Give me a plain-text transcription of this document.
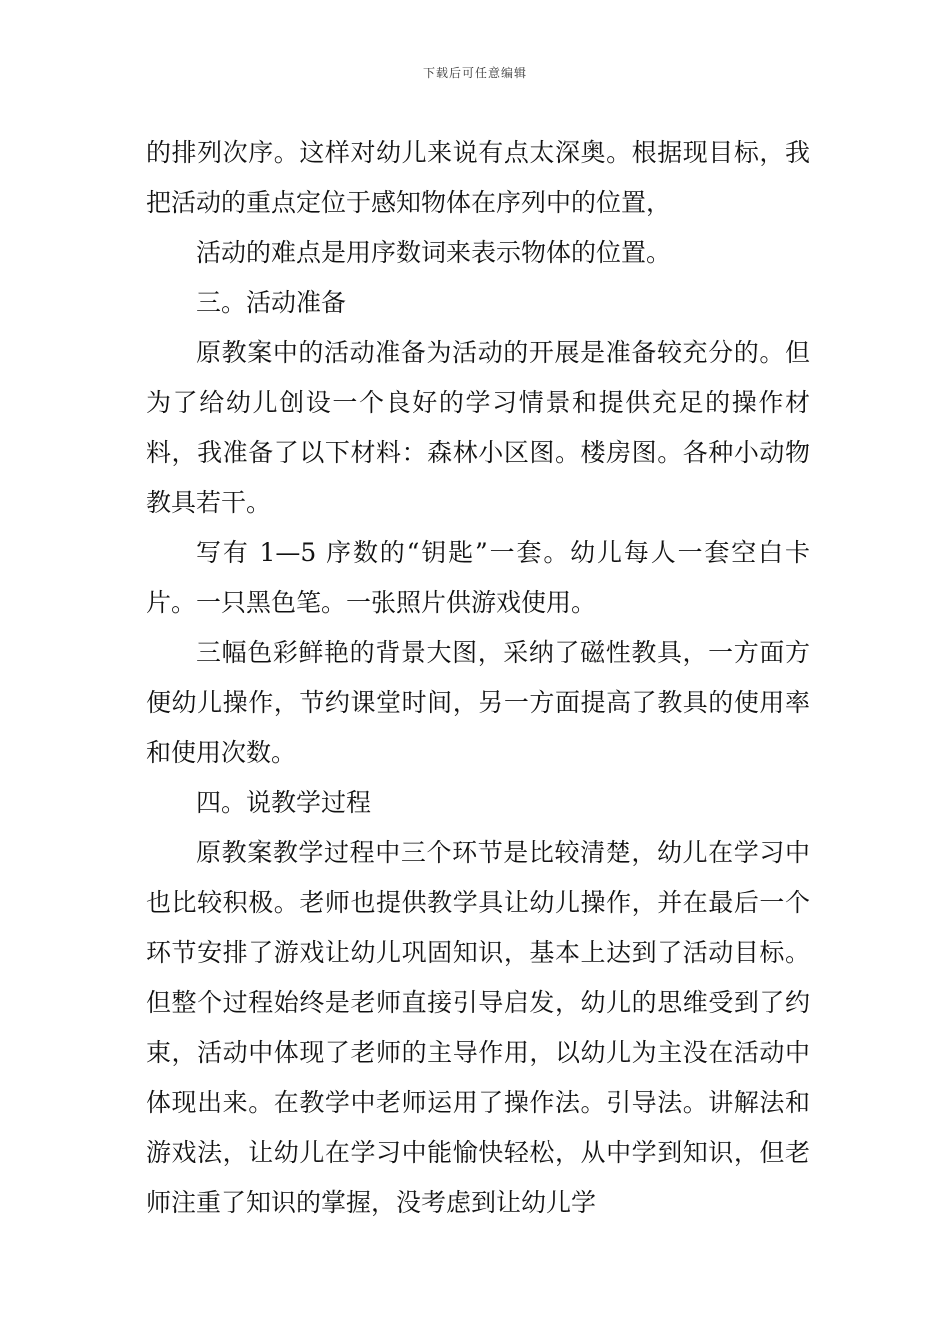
下载后可任意编辑

的排列次序。这样对幼儿来说有点太深奥。根据现目标，我把活动的重点定位于感知物体在序列中的位置，

活动的难点是用序数词来表示物体的位置。

三。活动准备

原教案中的活动准备为活动的开展是准备较充分的。但为了给幼儿创设一个良好的学习情景和提供充足的操作材料，我准备了以下材料：森林小区图。楼房图。各种小动物教具若干。

写有 1—5 序数的“钥匙”一套。幼儿每人一套空白卡片。一只黑色笔。一张照片供游戏使用。

三幅色彩鲜艳的背景大图，采纳了磁性教具，一方面方便幼儿操作，节约课堂时间，另一方面提高了教具的使用率和使用次数。

四。说教学过程

原教案教学过程中三个环节是比较清楚，幼儿在学习中也比较积极。老师也提供教学具让幼儿操作，并在最后一个环节安排了游戏让幼儿巩固知识，基本上达到了活动目标。但整个过程始终是老师直接引导启发，幼儿的思维受到了约束，活动中体现了老师的主导作用，以幼儿为主没在活动中体现出来。在教学中老师运用了操作法。引导法。讲解法和游戏法，让幼儿在学习中能愉快轻松，从中学到知识，但老师注重了知识的掌握，没考虑到让幼儿学
